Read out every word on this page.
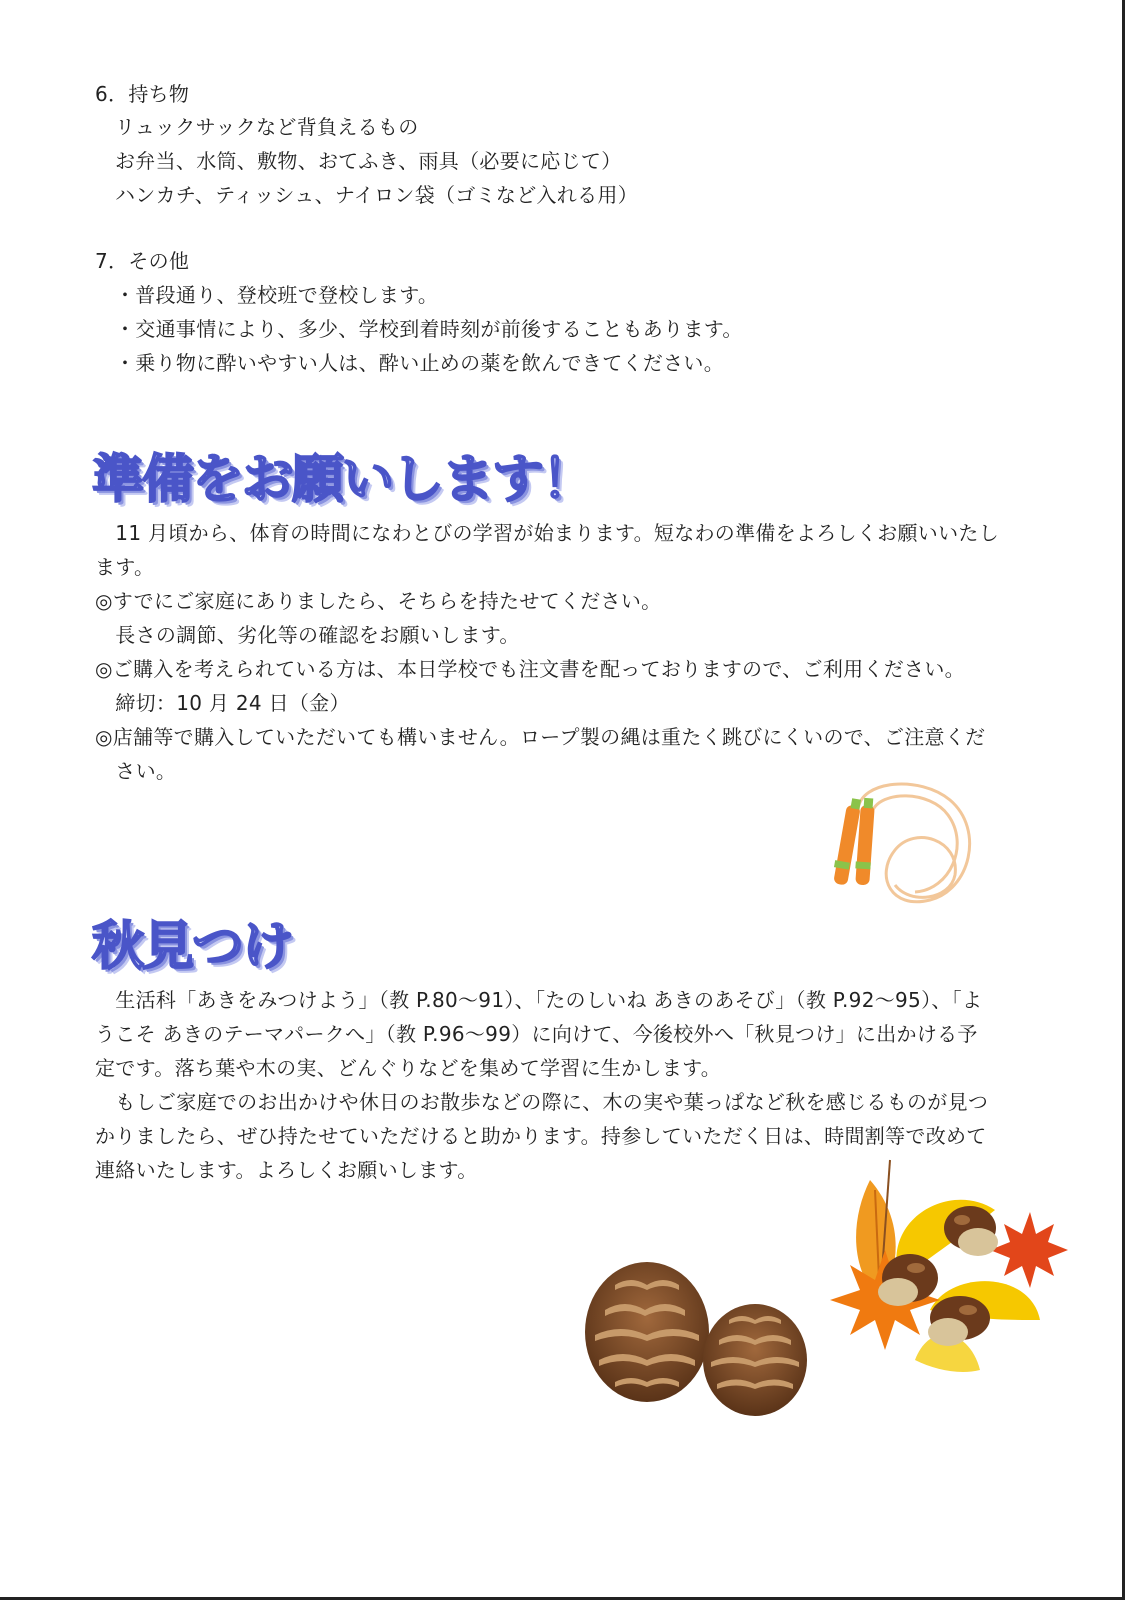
6．持ち物
リュックサックなど背負えるもの
お弁当、水筒、敷物、おてふき、雨具（必要に応じて）
ハンカチ、ティッシュ、ナイロン袋（ゴミなど入れる用）
7．その他
・普段通り、登校班で登校します。
・交通事情により、多少、学校到着時刻が前後することもあります。
・乗り物に酔いやすい人は、酔い止めの薬を飲んできてください。
準備をお願いします！
　11 月頃から、体育の時間になわとびの学習が始まります。短なわの準備をよろしくお願いいたし
ます。
◎すでにご家庭にありましたら、そちらを持たせてください。
　長さの調節、劣化等の確認をお願いします。
◎ご購入を考えられている方は、本日学校でも注文書を配っておりますので、ご利用ください。
　締切：10 月 24 日（金）
◎店舗等で購入していただいても構いません。ロープ製の縄は重たく跳びにくいので、ご注意くだ
　さい。
秋見つけ
　生活科「あきをみつけよう」（教 P.80～91）、「たのしいね あきのあそび」（教 P.92～95）、「よ
うこそ あきのテーマパークへ」（教 P.96～99）に向けて、今後校外へ「秋見つけ」に出かける予
定です。落ち葉や木の実、どんぐりなどを集めて学習に生かします。
　もしご家庭でのお出かけや休日のお散歩などの際に、木の実や葉っぱなど秋を感じるものが見つ
かりましたら、ぜひ持たせていただけると助かります。持参していただく日は、時間割等で改めて
連絡いたします。よろしくお願いします。
